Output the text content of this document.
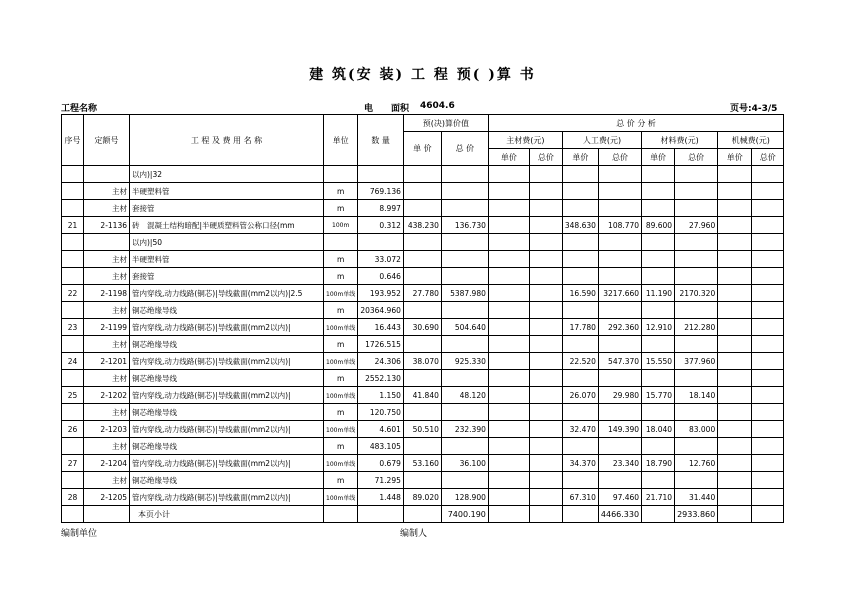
建 筑(安 装) 工 程 预( )算 书
工程名称	电 面积 4604.6	页号:4-3/5
序号	定额号	工 程 及 费 用 名 称	单位	数 量	预(决)算价值		总 价 分 析							
					单 价	总 价	主材费(元)		人工费(元)		材料费(元)		机械费(元)	
							单价	总价	单价	总价	单价	总价	单价	总价
		以内)|32												
	主材	半硬塑料管	m	769.136										
	主材	套接管	m	8.997										
21	2-1136	砖　混凝土结构暗配|半硬质塑料管公称口径(mm	100m	0.312	438.230	136.730			348.630	108.770	89.600	27.960		
		以内)|50												
	主材	半硬塑料管	m	33.072										
	主材	套接管	m	0.646										
22	2-1198	管内穿线,动力线路(铜芯)|导线截面(mm2以内)|2.5	100m单线	193.952	27.780	5387.980			16.590	3217.660	11.190	2170.320		
	主材	铜芯绝缘导线	m	20364.960										
23	2-1199	管内穿线,动力线路(铜芯)|导线截面(mm2以内)|	100m单线	16.443	30.690	504.640			17.780	292.360	12.910	212.280		
	主材	铜芯绝缘导线	m	1726.515										
24	2-1201	管内穿线,动力线路(铜芯)|导线截面(mm2以内)|	100m单线	24.306	38.070	925.330			22.520	547.370	15.550	377.960		
	主材	铜芯绝缘导线	m	2552.130										
25	2-1202	管内穿线,动力线路(铜芯)|导线截面(mm2以内)|	100m单线	1.150	41.840	48.120			26.070	29.980	15.770	18.140		
	主材	铜芯绝缘导线	m	120.750										
26	2-1203	管内穿线,动力线路(铜芯)|导线截面(mm2以内)|	100m单线	4.601	50.510	232.390			32.470	149.390	18.040	83.000		
	主材	铜芯绝缘导线	m	483.105										
27	2-1204	管内穿线,动力线路(铜芯)|导线截面(mm2以内)|	100m单线	0.679	53.160	36.100			34.370	23.340	18.790	12.760		
	主材	铜芯绝缘导线	m	71.295										
28	2-1205	管内穿线,动力线路(铜芯)|导线截面(mm2以内)|	100m单线	1.448	89.020	128.900			67.310	97.460	21.710	31.440		
		本页小计				7400.190				4466.330		2933.860		
编制单位	编制人
